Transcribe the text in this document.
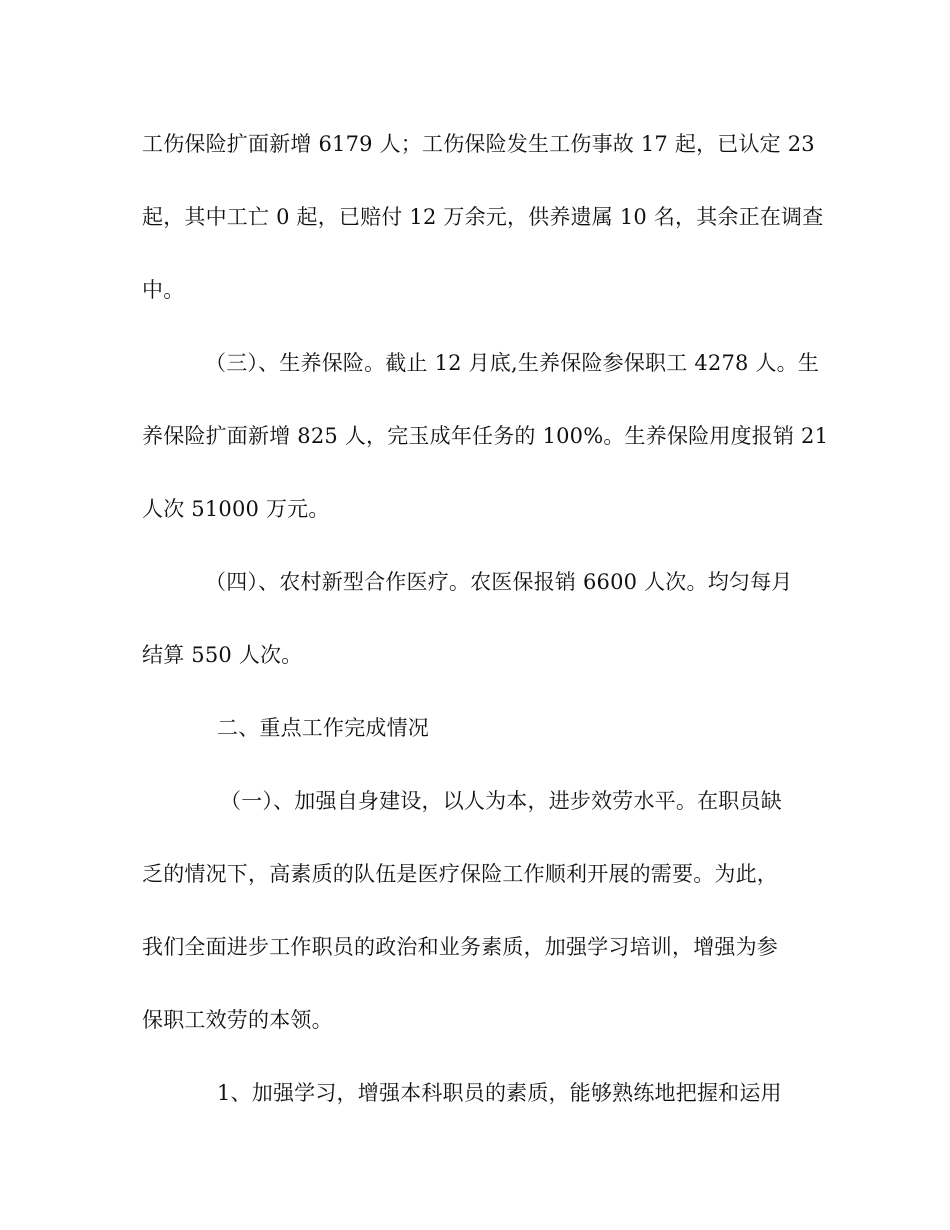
工伤保险扩面新增 6179 人；工伤保险发生工伤事故 17 起，已认定 23
起，其中工亡 0 起，已赔付 12 万余元，供养遗属 10 名，其余正在调查
中。
（三）、生养保险。截止 12 月底,生养保险参保职工 4278 人。生
养保险扩面新增 825 人，完玉成年任务的 100%。生养保险用度报销 21
人次 51000 万元。
（四）、农村新型合作医疗。农医保报销 6600 人次。均匀每月
结算 550 人次。
二、重点工作完成情况
（一）、加强自身建设，以人为本，进步效劳水平。在职员缺
乏的情况下，高素质的队伍是医疗保险工作顺利开展的需要。为此，
我们全面进步工作职员的政治和业务素质，加强学习培训，增强为参
保职工效劳的本领。
1、加强学习，增强本科职员的素质，能够熟练地把握和运用
